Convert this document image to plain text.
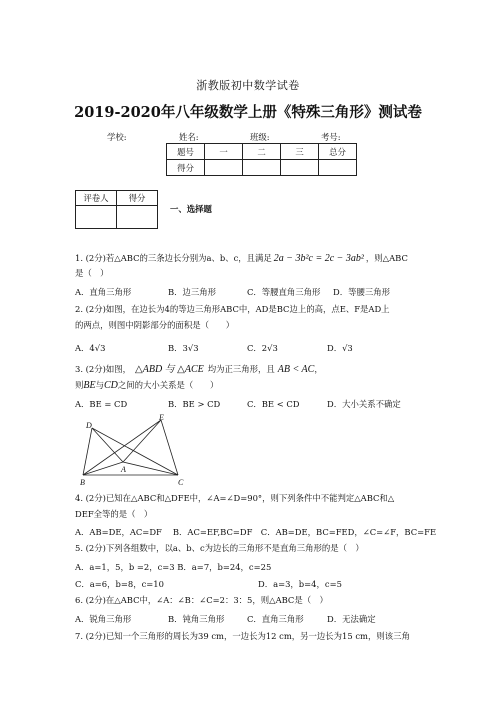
浙教版初中数学试卷
2019-2020年八年级数学上册《特殊三角形》测试卷
学校:	姓名:	班级:	考号:
题号	一	二	三	总分
得分				
评卷人	得分

一、选择题
1. (2分)若△ABC的三条边长分别为a、b、c，且满足 2a − 3b²c = 2c − 3ab² ，则△ABC
是（　）
A．直角三角形	B．边三角形	C．等腰直角三角形 D．等腰三角形
2. (2分)如图，在边长为4的等边三角形ABC中，AD是BC边上的高，点E、F是AD上
的两点，则图中阴影部分的面积是（　　）
A．4√3	B．3√3	C．2√3	D．√3
3. (2分)如图， △ABD 与 △ACE 均为正三角形，且 AB < AC，
则BE与CD之间的大小关系是（　　）
A．BE = CD	B．BE > CD	C．BE < CD	D．大小关系不确定
D
E
A
B	C
4. (2分)已知在△ABC和△DFE中，∠A=∠D=90°，则下列条件中不能判定△ABC和△
DEF全等的是（　）
A．AB=DE，AC=DF　 B．AC=EF,BC=DF　C．AB=DE，BC=FED，∠C=∠F，BC=FE
5. (2分)下列各组数中，以a、b、c为边长的三角形不是直角三角形的是（　）
A．a=1，5，b =2，c=3 B．a=7，b=24，c=25
C．a=6，b=8，c=10	D．a=3，b=4，c=5
6. (2分)在△ABC中，∠A：∠B：∠C=2：3：5，则△ABC是（　）
A．锐角三角形	B．钝角三角形	C．直角三角形	D．无法确定
7. (2分)已知一个三角形的周长为39 cm，一边长为12 cm，另一边长为15 cm，则该三角
